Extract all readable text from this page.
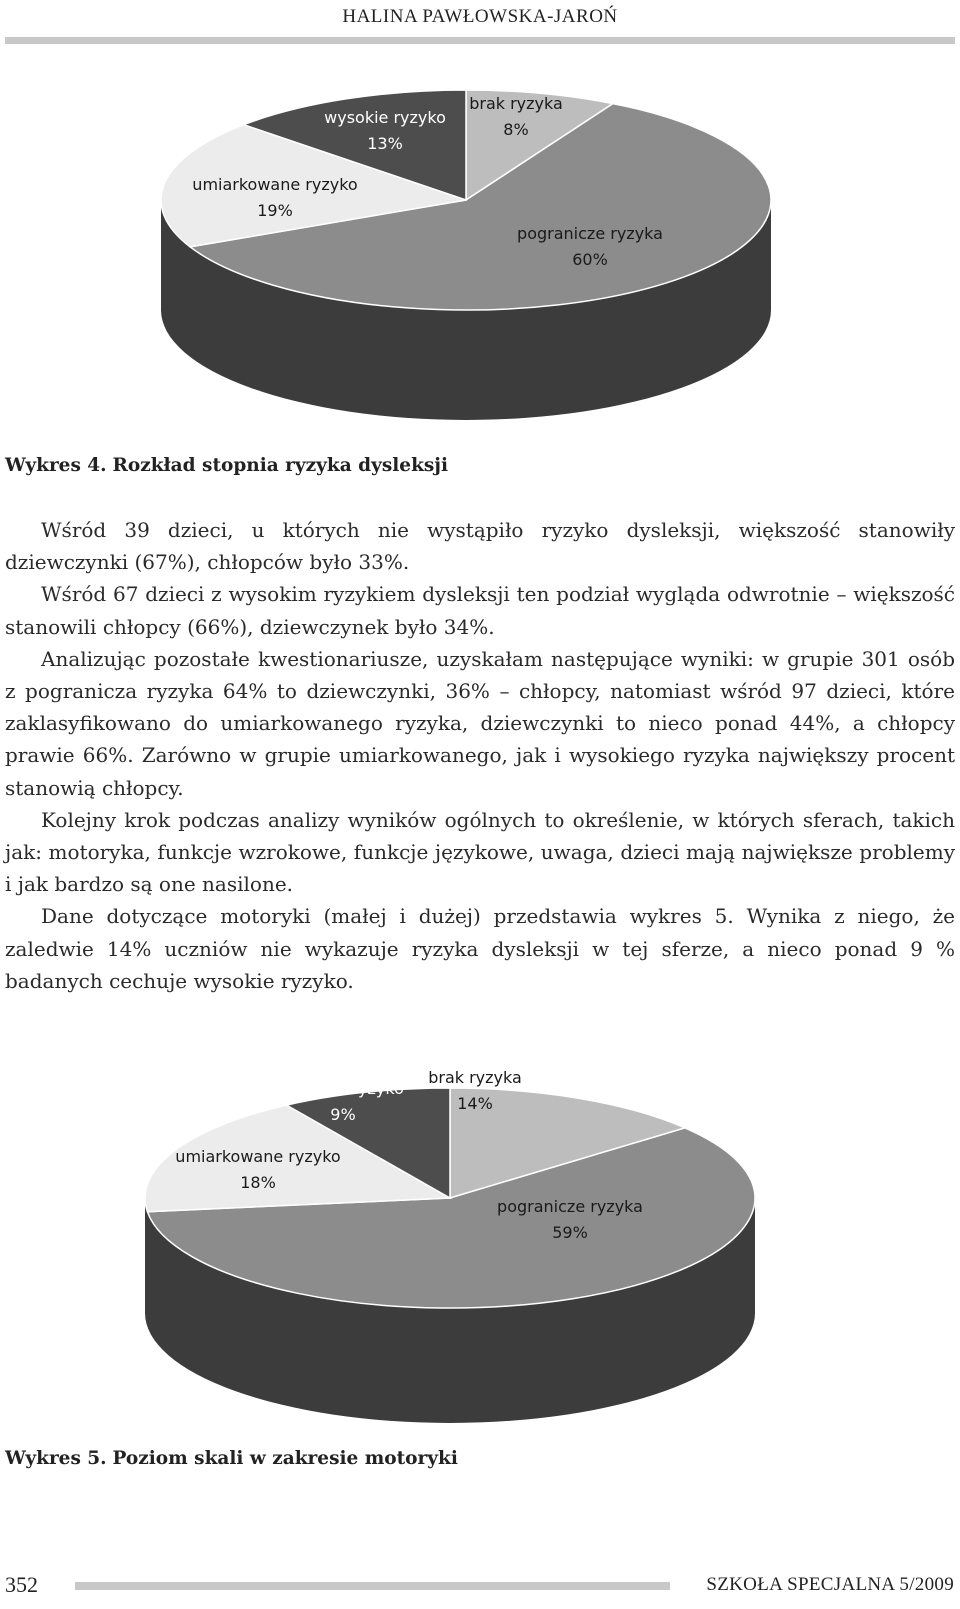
HALINA PAWŁOWSKA-JAROŃ
brak ryzyka
8%
pogranicze ryzyka
60%
umiarkowane ryzyko
19%
wysokie ryzyko
13%
Wykres 4. Rozkład stopnia ryzyka dysleksji

Wśród 39 dzieci, u których nie wystąpiło ryzyko dysleksji, większość stanowiły dziewczynki (67%), chłopców było 33%.

Wśród 67 dzieci z wysokim ryzykiem dysleksji ten podział wygląda odwrotnie – większość stanowili chłopcy (66%), dziewczynek było 34%.

Analizując pozostałe kwestionariusze, uzyskałam następujące wyniki: w grupie 301 osób z pogranicza ryzyka 64% to dziewczynki, 36% – chłopcy, natomiast wśród 97 dzieci, które zaklasyfikowano do umiarkowanego ryzyka, dziewczynki to nieco ponad 44%, a chłopcy prawie 66%. Zarówno w grupie umiarkowanego, jak i wysokiego ryzyka największy procent stanowią chłopcy.

Kolejny krok podczas analizy wyników ogólnych to określenie, w których sferach, takich jak: motoryka, funkcje wzrokowe, funkcje językowe, uwaga, dzieci mają największe problemy i jak bardzo są one nasilone.

Dane dotyczące motoryki (małej i dużej) przedstawia wykres 5. Wynika z niego, że zaledwie 14% uczniów nie wykazuje ryzyka dysleksji w tej sferze, a nieco ponad 9 % badanych cechuje wysokie ryzyko.

brak ryzyka
14%
pogranicze ryzyka
59%
umiarkowane ryzyko
18%
wysokie ryzyko
9%
Wykres 5. Poziom skali w zakresie motoryki
352	SZKOŁA SPECJALNA 5/2009
